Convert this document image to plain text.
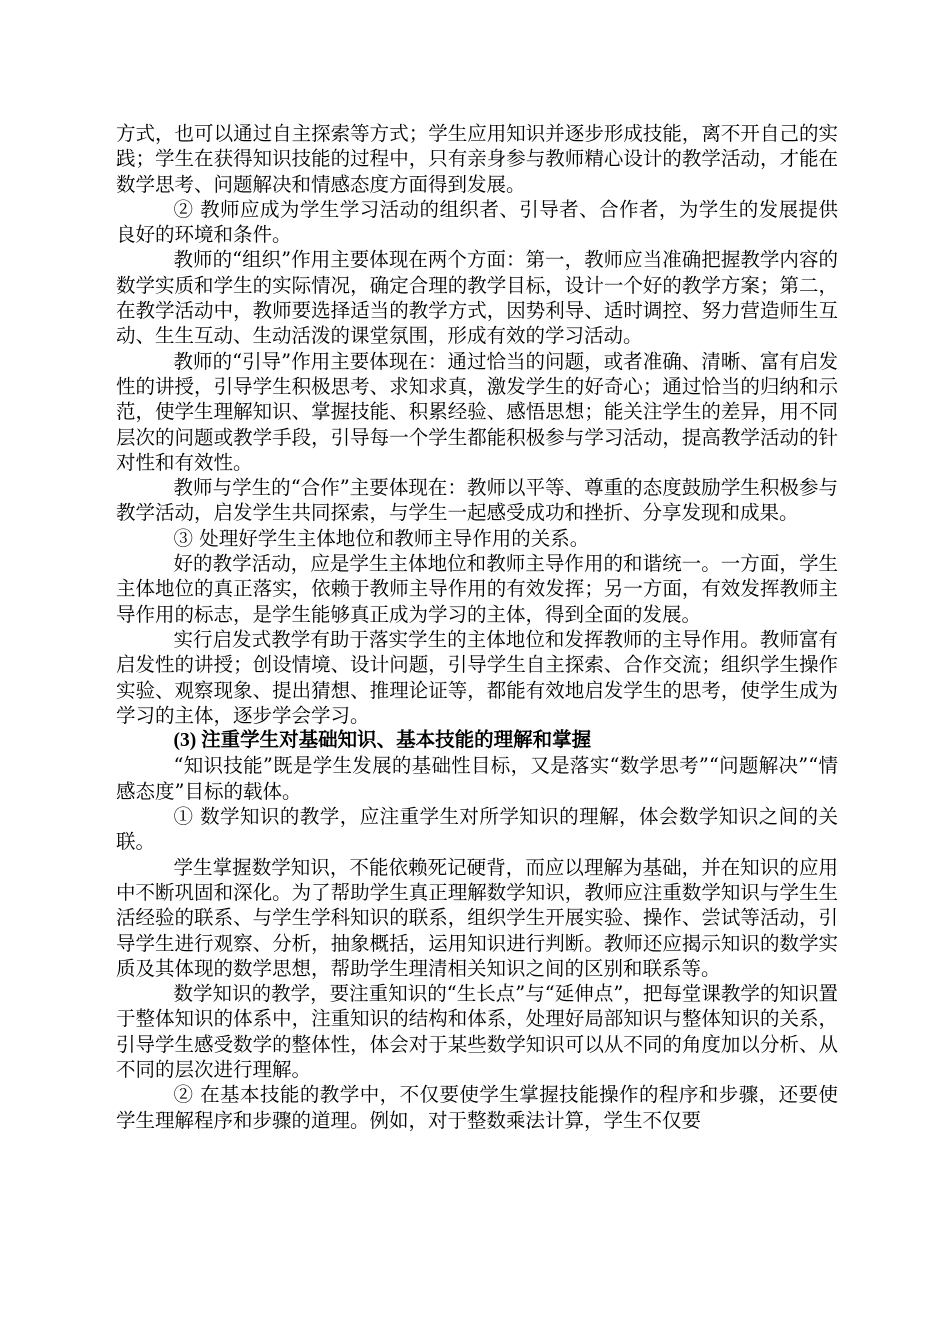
方式，也可以通过自主探索等方式；学生应用知识并逐步形成技能，离不开自己的实践；学生在获得知识技能的过程中，只有亲身参与教师精心设计的教学活动，才能在数学思考、问题解决和情感态度方面得到发展。

② 教师应成为学生学习活动的组织者、引导者、合作者，为学生的发展提供良好的环境和条件。

教师的“组织”作用主要体现在两个方面：第一，教师应当准确把握教学内容的数学实质和学生的实际情况，确定合理的教学目标，设计一个好的教学方案；第二，在教学活动中，教师要选择适当的教学方式，因势利导、适时调控、努力营造师生互动、生生互动、生动活泼的课堂氛围，形成有效的学习活动。

教师的“引导”作用主要体现在：通过恰当的问题，或者准确、清晰、富有启发性的讲授，引导学生积极思考、求知求真，激发学生的好奇心；通过恰当的归纳和示范，使学生理解知识、掌握技能、积累经验、感悟思想；能关注学生的差异，用不同层次的问题或教学手段，引导每一个学生都能积极参与学习活动，提高教学活动的针对性和有效性。

教师与学生的“合作”主要体现在：教师以平等、尊重的态度鼓励学生积极参与教学活动，启发学生共同探索，与学生一起感受成功和挫折、分享发现和成果。

③ 处理好学生主体地位和教师主导作用的关系。

好的教学活动，应是学生主体地位和教师主导作用的和谐统一。一方面，学生主体地位的真正落实，依赖于教师主导作用的有效发挥；另一方面，有效发挥教师主导作用的标志，是学生能够真正成为学习的主体，得到全面的发展。

实行启发式教学有助于落实学生的主体地位和发挥教师的主导作用。教师富有启发性的讲授；创设情境、设计问题，引导学生自主探索、合作交流；组织学生操作实验、观察现象、提出猜想、推理论证等，都能有效地启发学生的思考，使学生成为学习的主体，逐步学会学习。

(3) 注重学生对基础知识、基本技能的理解和掌握

“知识技能”既是学生发展的基础性目标，又是落实“数学思考”“问题解决”“情感态度”目标的载体。

① 数学知识的教学，应注重学生对所学知识的理解，体会数学知识之间的关联。

学生掌握数学知识，不能依赖死记硬背，而应以理解为基础，并在知识的应用中不断巩固和深化。为了帮助学生真正理解数学知识，教师应注重数学知识与学生生活经验的联系、与学生学科知识的联系，组织学生开展实验、操作、尝试等活动，引导学生进行观察、分析，抽象概括，运用知识进行判断。教师还应揭示知识的数学实质及其体现的数学思想，帮助学生理清相关知识之间的区别和联系等。

数学知识的教学，要注重知识的“生长点”与“延伸点”，把每堂课教学的知识置于整体知识的体系中，注重知识的结构和体系，处理好局部知识与整体知识的关系，引导学生感受数学的整体性，体会对于某些数学知识可以从不同的角度加以分析、从不同的层次进行理解。

② 在基本技能的教学中，不仅要使学生掌握技能操作的程序和步骤，还要使学生理解程序和步骤的道理。例如，对于整数乘法计算，学生不仅要
